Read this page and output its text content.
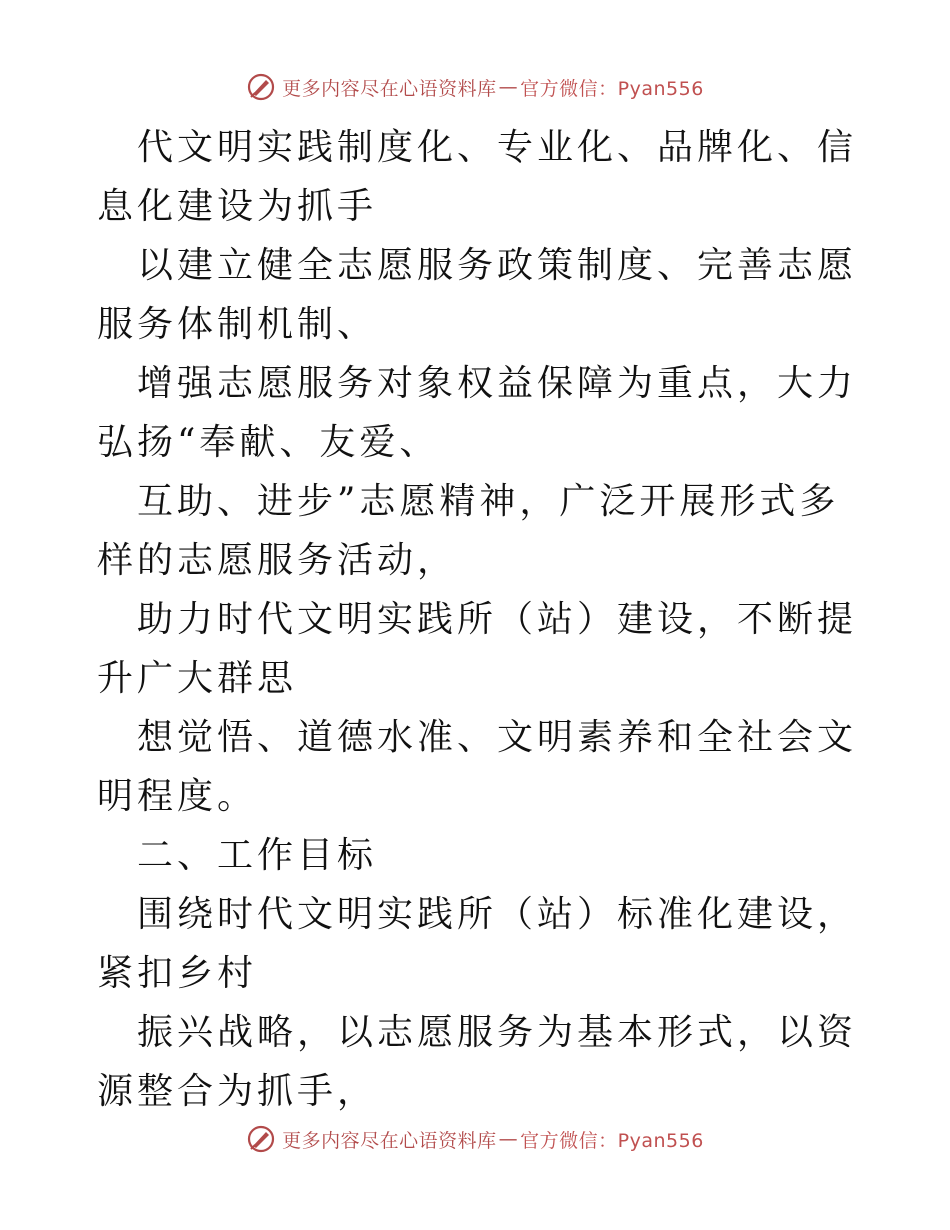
更多内容尽在心语资料库 — 官方微信：Pyan556

代文明实践制度化、专业化、品牌化、信息化建设为抓手

以建立健全志愿服务政策制度、完善志愿服务体制机制、

增强志愿服务对象权益保障为重点，大力弘扬“奉献、友爱、

互助、进步”志愿精神，广泛开展形式多样的志愿服务活动，

助力时代文明实践所（站）建设，不断提升广大群思

想觉悟、道德水准、文明素养和全社会文明程度。

二、工作目标

围绕时代文明实践所（站）标准化建设，紧扣乡村

振兴战略，以志愿服务为基本形式，以资源整合为抓手，

更多内容尽在心语资料库 — 官方微信：Pyan556
